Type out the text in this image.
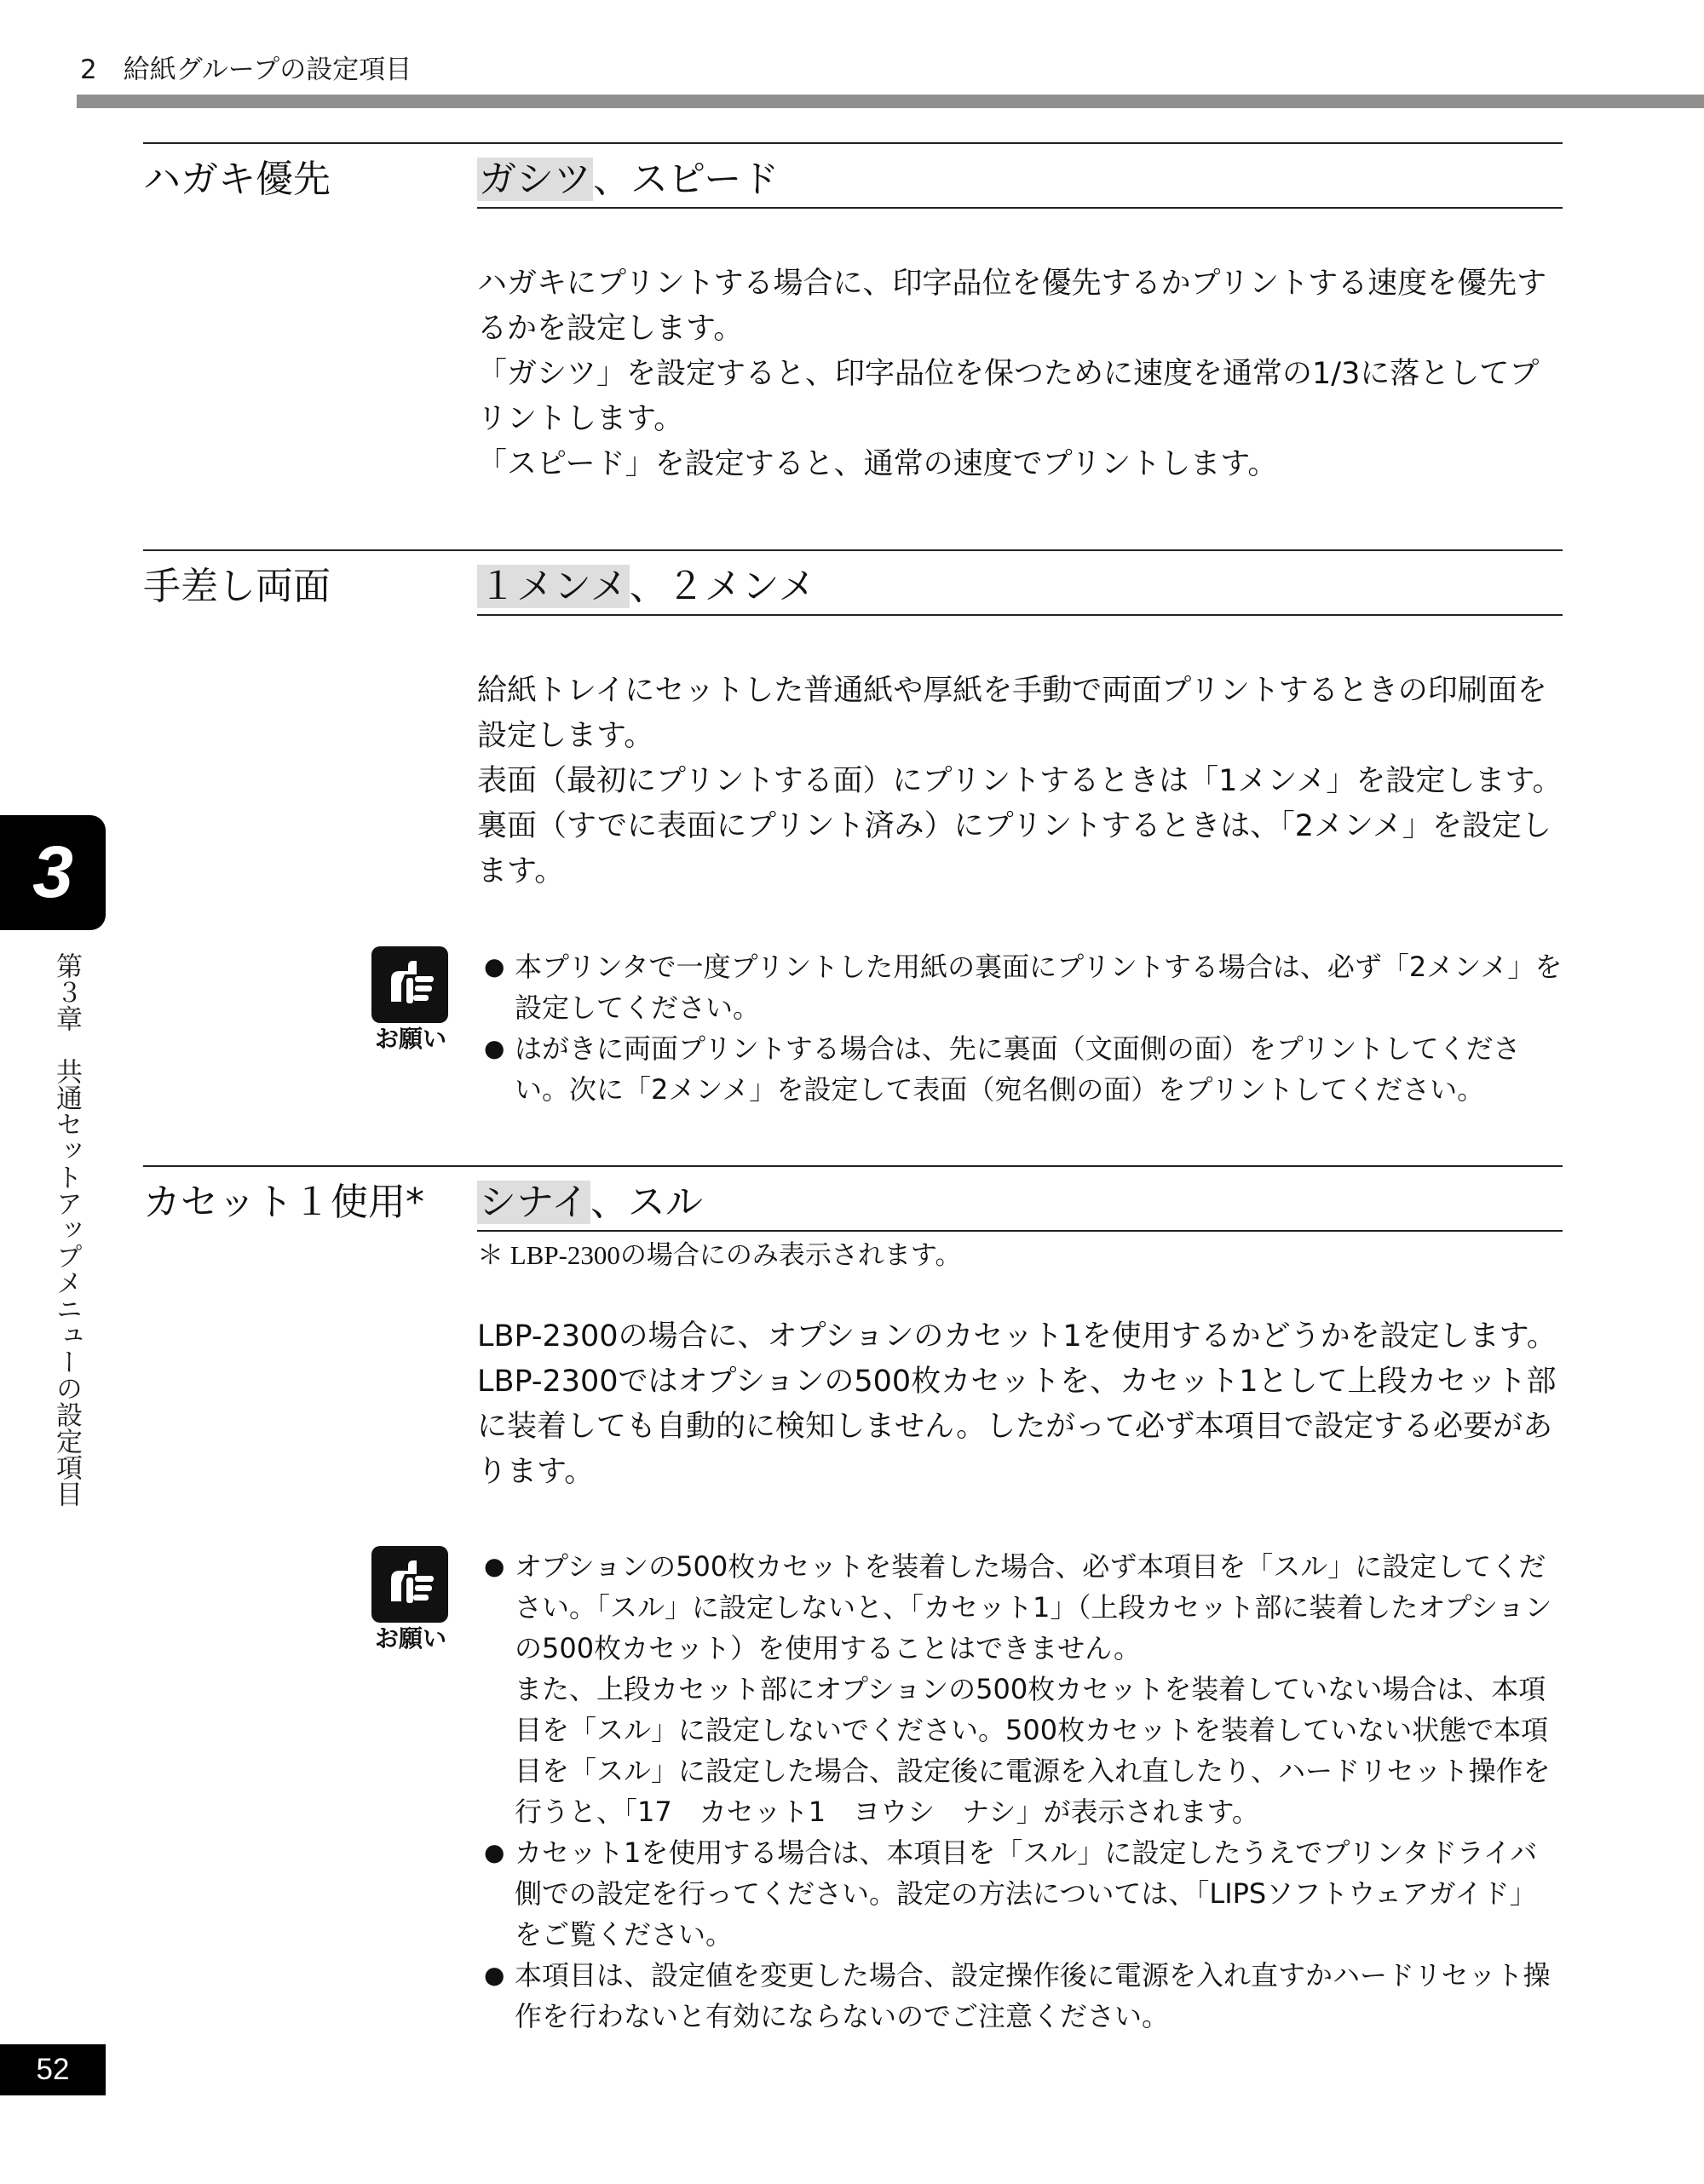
2　給紙グループの設定項目
ハガキ優先	ガシツ、スピード

ハガキにプリントする場合に、印字品位を優先するかプリントする速度を優先するかを設定します。

「ガシツ」を設定すると、印字品位を保つために速度を通常の1/3に落としてプリントします。

「スピード」を設定すると、通常の速度でプリントします。

手差し両面	１メンメ、２メンメ

給紙トレイにセットした普通紙や厚紙を手動で両面プリントするときの印刷面を設定します。

表面（最初にプリントする面）にプリントするときは「1メンメ」を設定します。

裏面（すでに表面にプリント済み）にプリントするときは、「2メンメ」を設定します。

お願い
● 本プリンタで一度プリントした用紙の裏面にプリントする場合は、必ず「2メンメ」を設定してください。
● はがきに両面プリントする場合は、先に裏面（文面側の面）をプリントしてください。次に「2メンメ」を設定して表面（宛名側の面）をプリントしてください。
カセット１使用* シナイ、スル
＊ LBP-2300の場合にのみ表示されます。

LBP-2300の場合に、オプションのカセット1を使用するかどうかを設定します。LBP-2300ではオプションの500枚カセットを、カセット1として上段カセット部に装着しても自動的に検知しません。したがって必ず本項目で設定する必要があります。

お願い
● オプションの500枚カセットを装着した場合、必ず本項目を「スル」に設定してください。「スル」に設定しないと、「カセット1」（上段カセット部に装着したオプションの500枚カセット）を使用することはできません。
また、上段カセット部にオプションの500枚カセットを装着していない場合は、本項目を「スル」に設定しないでください。500枚カセットを装着していない状態で本項目を「スル」に設定した場合、設定後に電源を入れ直したり、ハードリセット操作を行うと、「17　カセット1　ヨウシ　ナシ」が表示されます。
● カセット1を使用する場合は、本項目を「スル」に設定したうえでプリンタドライバ側での設定を行ってください。設定の方法については、「LIPSソフトウェアガイド」をご覧ください。
● 本項目は、設定値を変更した場合、設定操作後に電源を入れ直すかハードリセット操作を行わないと有効にならないのでご注意ください。
3
第３章　共通セットアップメニューの設定項目
52
